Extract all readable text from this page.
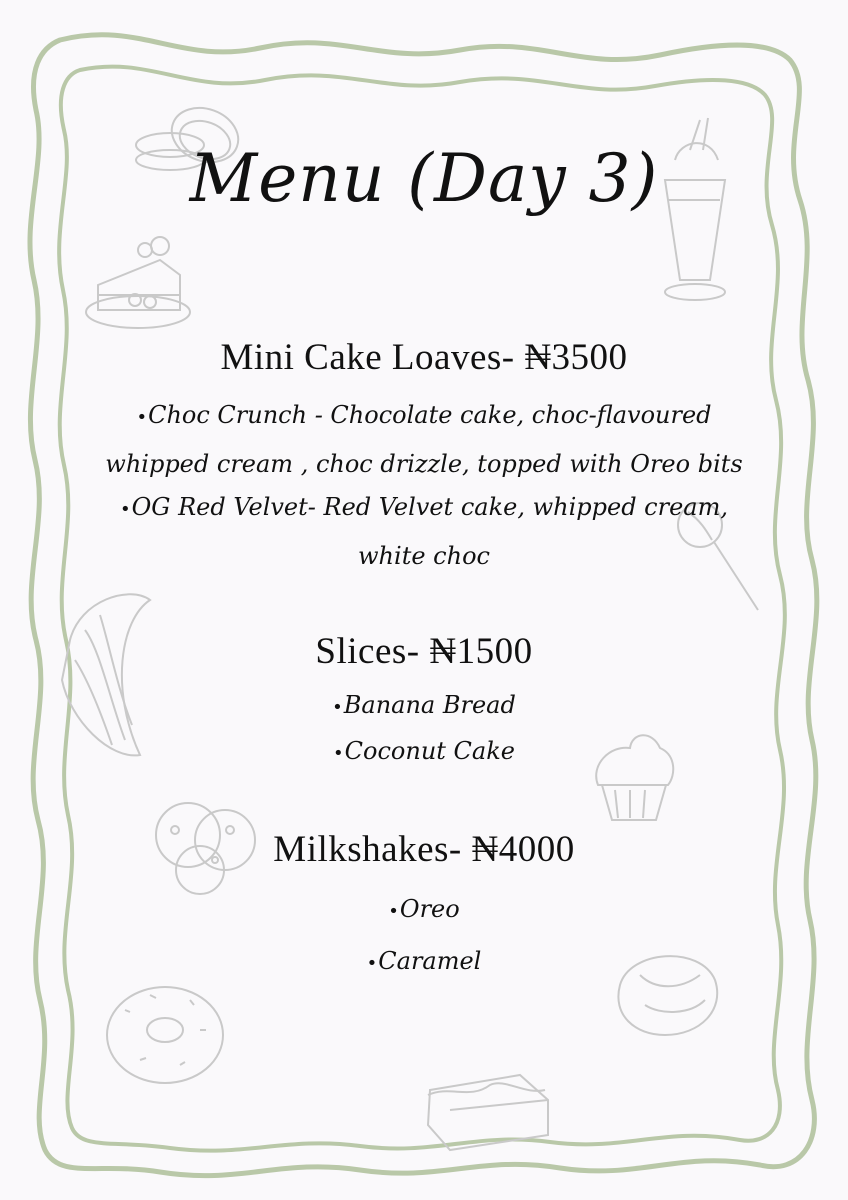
Menu (Day 3)
Mini Cake Loaves- ₦3500
•Choc Crunch - Chocolate cake, choc-flavoured
whipped cream , choc drizzle, topped with Oreo bits
•OG Red Velvet- Red Velvet cake, whipped cream,
white choc
Slices- ₦1500
•Banana Bread
•Coconut Cake
Milkshakes- ₦4000
•Oreo
•Caramel
